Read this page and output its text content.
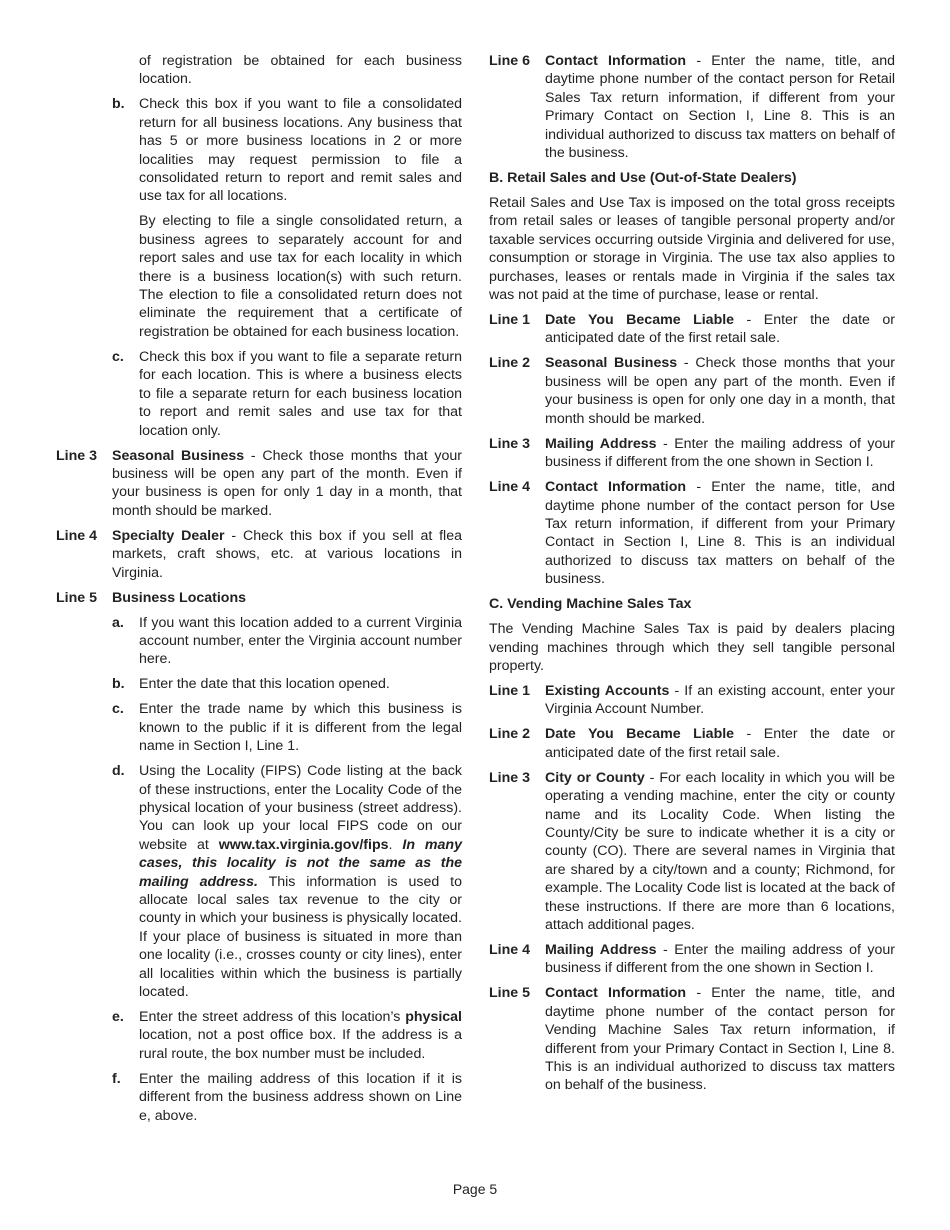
of registration be obtained for each business location.
b.	Check this box if you want to file a consolidated return for all business locations. Any business that has 5 or more business locations in 2 or more localities may request permission to file a consolidated return to report and remit sales and use tax for all locations.
By electing to file a single consolidated return, a business agrees to separately account for and report sales and use tax for each locality in which there is a business location(s) with such return. The election to file a consolidated return does not eliminate the requirement that a certificate of registration be obtained for each business location.
c.	Check this box if you want to file a separate return for each location. This is where a business elects to file a separate return for each business location to report and remit sales and use tax for that location only.
Line 3	Seasonal Business - Check those months that your business will be open any part of the month. Even if your business is open for only 1 day in a month, that month should be marked.
Line 4	Specialty Dealer - Check this box if you sell at flea markets, craft shows, etc. at various locations in Virginia.
Line 5	Business Locations
a.	If you want this location added to a current Virginia account number, enter the Virginia account number here.
b.	Enter the date that this location opened.
c.	Enter the trade name by which this business is known to the public if it is different from the legal name in Section I, Line 1.
d.	Using the Locality (FIPS) Code listing at the back of these instructions, enter the Locality Code of the physical location of your business (street address). You can look up your local FIPS code on our website at www.tax.virginia.gov/fips. In many cases, this locality is not the same as the mailing address. This information is used to allocate local sales tax revenue to the city or county in which your business is physically located. If your place of business is situated in more than one locality (i.e., crosses county or city lines), enter all localities within which the business is partially located.
e.	Enter the street address of this location’s physical location, not a post office box. If the address is a rural route, the box number must be included.
f.	Enter the mailing address of this location if it is different from the business address shown on Line e, above.
Line 6	Contact Information - Enter the name, title, and daytime phone number of the contact person for Retail Sales Tax return information, if different from your Primary Contact on Section I, Line 8. This is an individual authorized to discuss tax matters on behalf of the business.
B. Retail Sales and Use (Out-of-State Dealers)
Retail Sales and Use Tax is imposed on the total gross receipts from retail sales or leases of tangible personal property and/or taxable services occurring outside Virginia and delivered for use, consumption or storage in Virginia. The use tax also applies to purchases, leases or rentals made in Virginia if the sales tax was not paid at the time of purchase, lease or rental.
Line 1	Date You Became Liable - Enter the date or anticipated date of the first retail sale.
Line 2	Seasonal Business - Check those months that your business will be open any part of the month. Even if your business is open for only one day in a month, that month should be marked.
Line 3	Mailing Address - Enter the mailing address of your business if different from the one shown in Section I.
Line 4	Contact Information - Enter the name, title, and daytime phone number of the contact person for Use Tax return information, if different from your Primary Contact in Section I, Line 8. This is an individual authorized to discuss tax matters on behalf of the business.
C. Vending Machine Sales Tax
The Vending Machine Sales Tax is paid by dealers placing vending machines through which they sell tangible personal property.
Line 1	Existing Accounts - If an existing account, enter your Virginia Account Number.
Line 2	Date You Became Liable - Enter the date or anticipated date of the first retail sale.
Line 3	City or County - For each locality in which you will be operating a vending machine, enter the city or county name and its Locality Code. When listing the County/City be sure to indicate whether it is a city or county (CO). There are several names in Virginia that are shared by a city/town and a county; Richmond, for example. The Locality Code list is located at the back of these instructions. If there are more than 6 locations, attach additional pages.
Line 4	Mailing Address - Enter the mailing address of your business if different from the one shown in Section I.
Line 5	Contact Information - Enter the name, title, and daytime phone number of the contact person for Vending Machine Sales Tax return information, if different from your Primary Contact in Section I, Line 8. This is an individual authorized to discuss tax matters on behalf of the business.
Page 5
